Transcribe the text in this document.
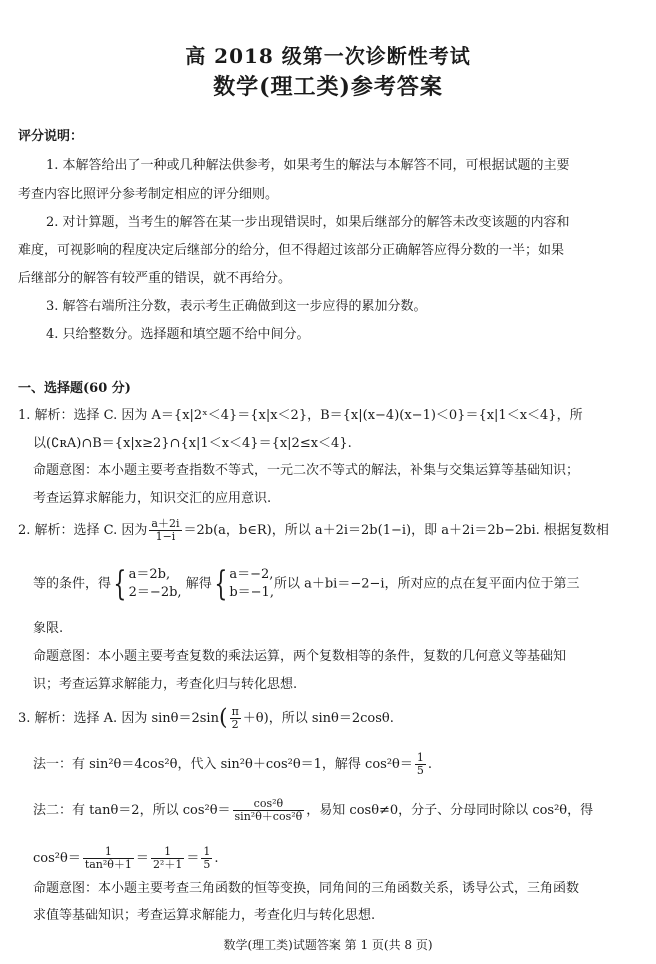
高 2018 级第一次诊断性考试
数学(理工类)参考答案
评分说明：
1. 本解答给出了一种或几种解法供参考，如果考生的解法与本解答不同，可根据试题的主要
考查内容比照评分参考制定相应的评分细则。
2. 对计算题，当考生的解答在某一步出现错误时，如果后继部分的解答未改变该题的内容和
难度，可视影响的程度决定后继部分的给分，但不得超过该部分正确解答应得分数的一半；如果
后继部分的解答有较严重的错误，就不再给分。
3. 解答右端所注分数，表示考生正确做到这一步应得的累加分数。
4. 只给整数分。选择题和填空题不给中间分。
一、选择题(60 分)
1. 解析：选择 C. 因为 A＝{x|2ˣ＜4}＝{x|x＜2}，B＝{x|(x−4)(x−1)＜0}＝{x|1＜x＜4}，所
以(∁ʀA)∩B＝{x|x≥2}∩{x|1＜x＜4}＝{x|2≤x＜4}.
命题意图：本小题主要考查指数不等式，一元二次不等式的解法，补集与交集运算等基础知识；
考查运算求解能力，知识交汇的应用意识.
2. 解析：选择 C. 因为 $\frac{a+2i}{1-i} =2b(a$，b∈R)，所以 a＋2i＝2b(1−i)，即 a＋2i＝2b−2bi. 根据复数相
等的条件，得{ a＝2b,
2＝−2b,
解得{ a＝−2,
b＝−1,
所以 a＋bi＝−2−i，所对应的点在复平面内位于第三
象限.
命题意图：本小题主要考查复数的乘法运算，两个复数相等的条件，复数的几何意义等基础知
识；考查运算求解能力，考查化归与转化思想.
3. 解析：选择 A. 因为 $\sin\theta=2\sin( \frac{\pi}{2} +\theta)$，所以 sinθ＝2cosθ.
法一：有 sin²θ＝4cos²θ，代入 sin²θ＋cos²θ＝1，解得 $\cos^2\theta= \frac{1}{5}$ .
法二：有 tanθ＝2，所以 $\cos^2\theta= \frac{\text{cos²θ}}{\text{sin²θ＋cos²θ}}$ ，易知 cosθ≠0，分子、分母同时除以 cos²θ，得
$\cos^2\theta= \frac{1}{\text{tan²θ＋1}} = \frac{1}{\text{2²＋1}} = \frac{1}{5}$ .
命题意图：本小题主要考查三角函数的恒等变换，同角间的三角函数关系，诱导公式，三角函数
求值等基础知识；考查运算求解能力，考查化归与转化思想.
数学(理工类)试题答案 第 1 页(共 8 页)
